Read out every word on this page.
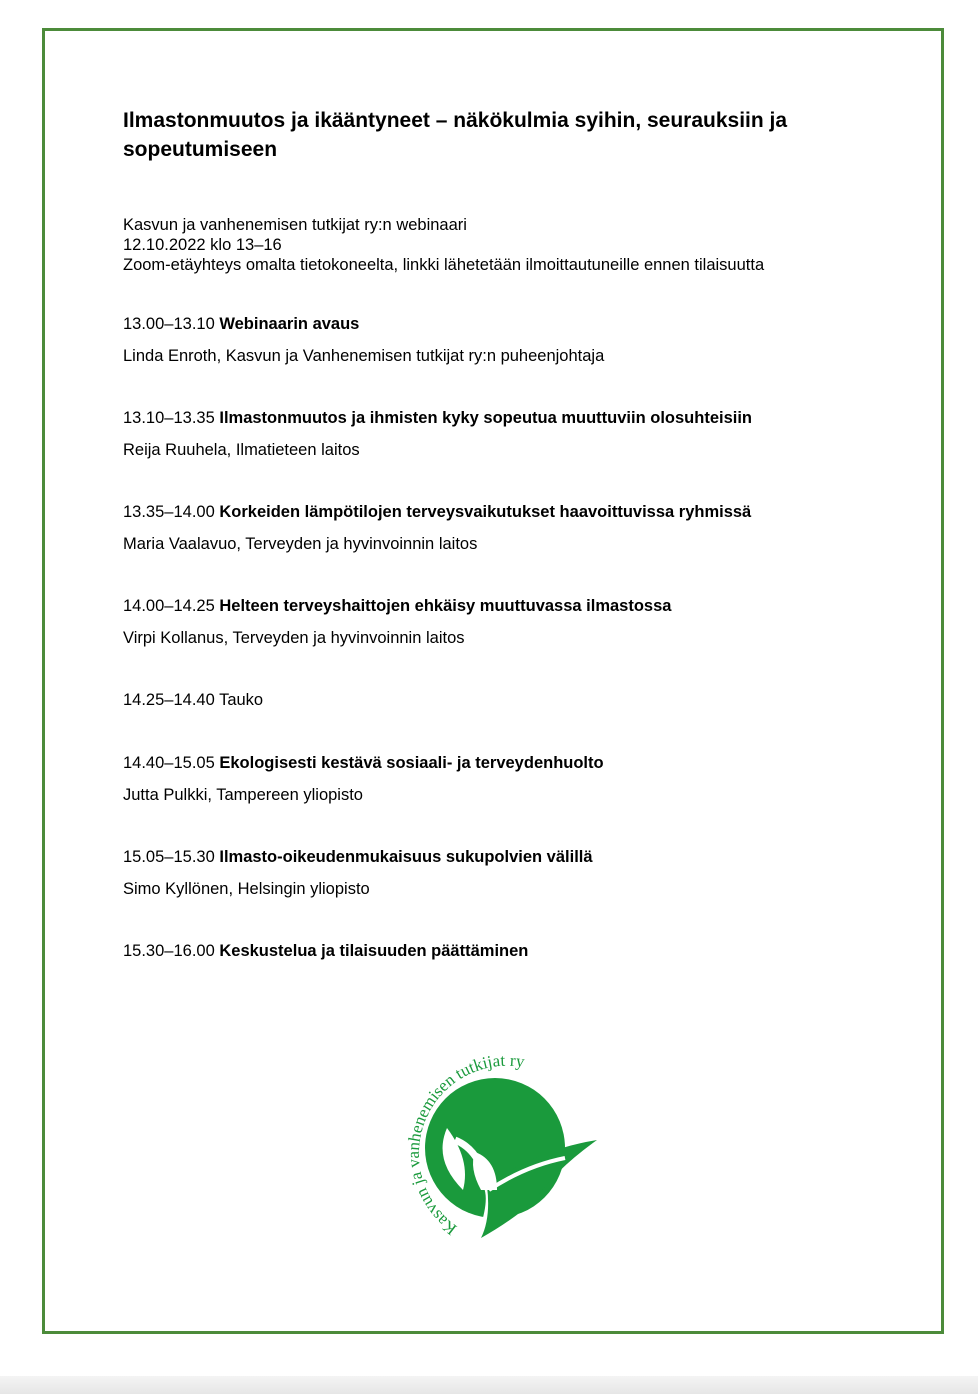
Ilmastonmuutos ja ikääntyneet – näkökulmia syihin, seurauksiin ja sopeutumiseen
Kasvun ja vanhenemisen tutkijat ry:n webinaari
12.10.2022 klo 13–16
Zoom-etäyhteys omalta tietokoneelta, linkki lähetetään ilmoittautuneille ennen tilaisuutta
13.00–13.10 Webinaarin avaus
Linda Enroth, Kasvun ja Vanhenemisen tutkijat ry:n puheenjohtaja
13.10–13.35 Ilmastonmuutos ja ihmisten kyky sopeutua muuttuviin olosuhteisiin
Reija Ruuhela, Ilmatieteen laitos
13.35–14.00 Korkeiden lämpötilojen terveysvaikutukset haavoittuvissa ryhmissä
Maria Vaalavuo, Terveyden ja hyvinvoinnin laitos
14.00–14.25 Helteen terveyshaittojen ehkäisy muuttuvassa ilmastossa
Virpi Kollanus, Terveyden ja hyvinvoinnin laitos
14.25–14.40 Tauko
14.40–15.05 Ekologisesti kestävä sosiaali- ja terveydenhuolto
Jutta Pulkki, Tampereen yliopisto
15.05–15.30 Ilmasto-oikeudenmukaisuus sukupolvien välillä
Simo Kyllönen, Helsingin yliopisto
15.30–16.00 Keskustelua ja tilaisuuden päättäminen
Kasvun ja vanhenemisen tutkijat ry
